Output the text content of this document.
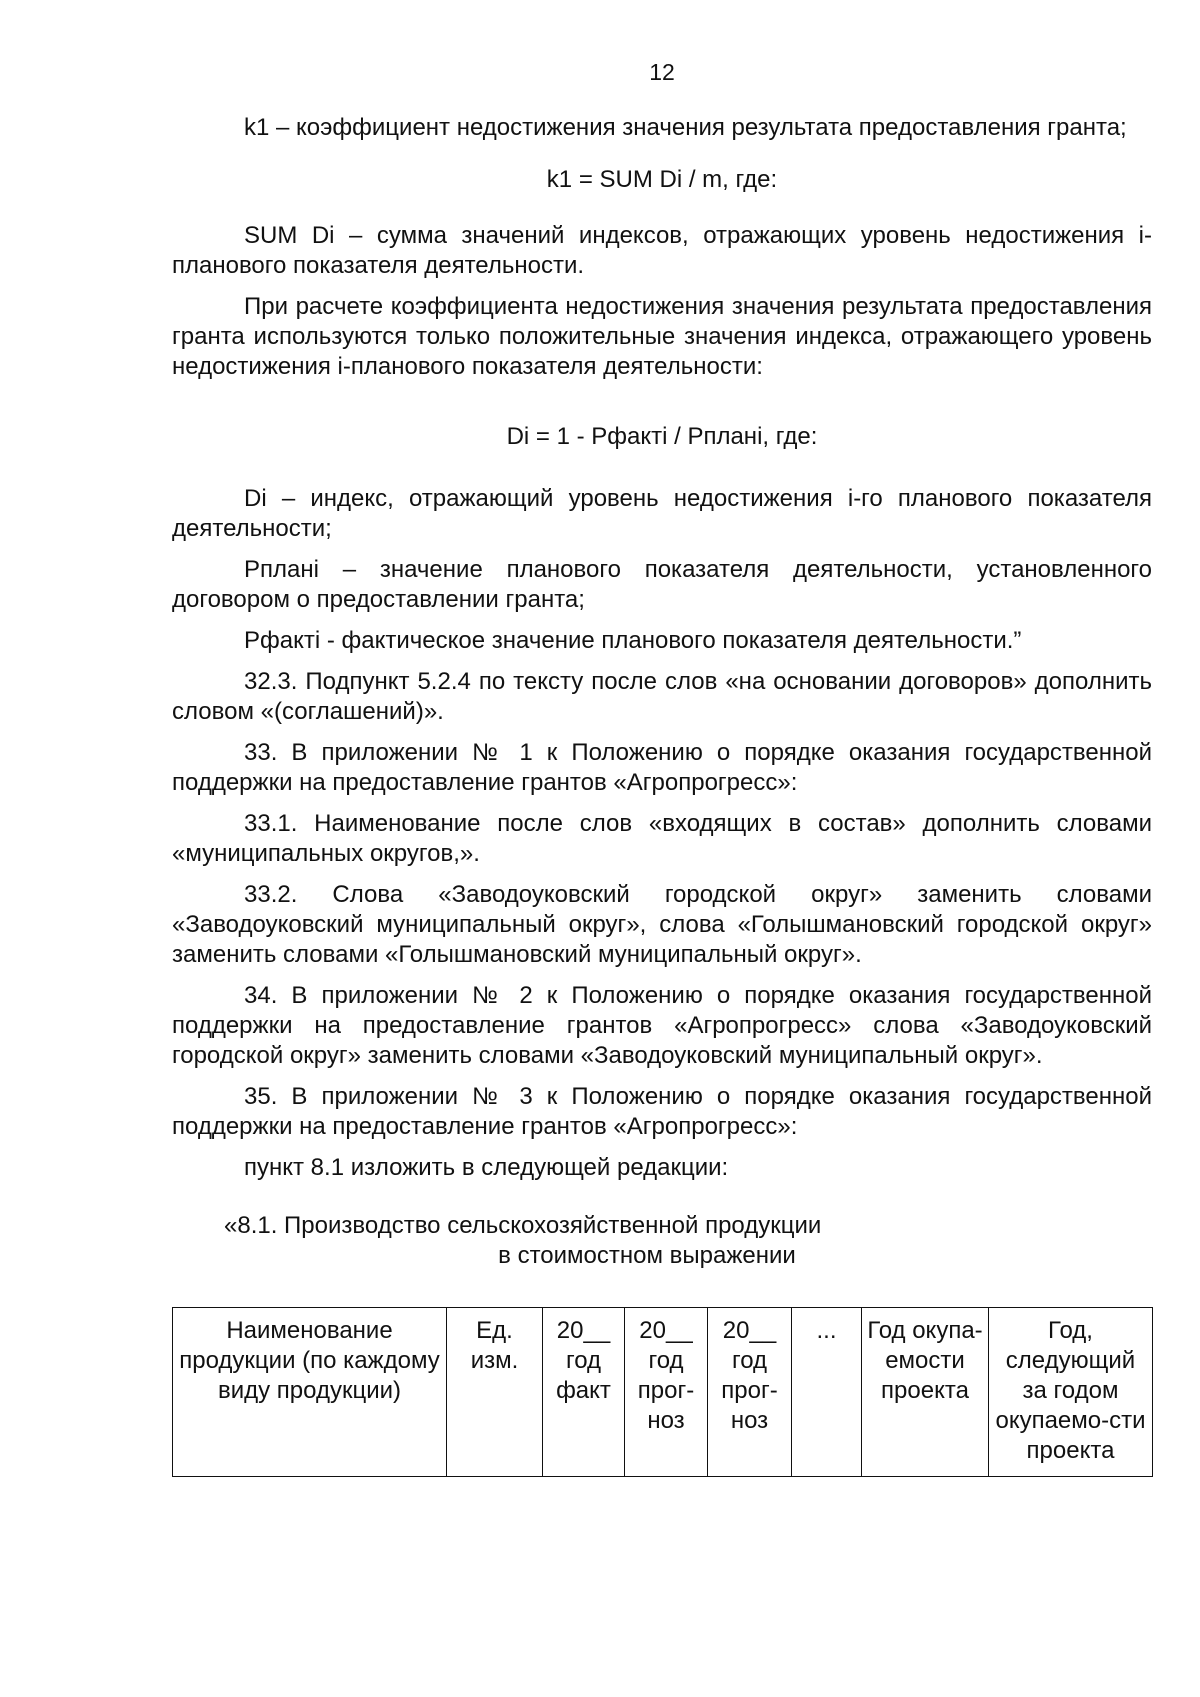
12

k1 – коэффициент недостижения значения результата предоставления гранта;

k1 = SUM Di / m, где:

SUM Di – сумма значений индексов, отражающих уровень недостижения i-планового показателя деятельности.

При расчете коэффициента недостижения значения результата предоставления гранта используются только положительные значения индекса, отражающего уровень недостижения i-планового показателя деятельности:

Di = 1 - Рфактi / Рпланi, где:

Di – индекс, отражающий уровень недостижения i-го планового показателя деятельности;

Рпланi – значение планового показателя деятельности, установленного договором о предоставлении гранта;

Рфактi - фактическое значение планового показателя деятельности.”

32.3. Подпункт 5.2.4 по тексту после слов «на основании договоров» дополнить словом «(соглашений)».

33. В приложении № 1 к Положению о порядке оказания государственной поддержки на предоставление грантов «Агропрогресс»:

33.1. Наименование после слов «входящих в состав» дополнить словами «муниципальных округов,».

33.2. Слова «Заводоуковский городской округ» заменить словами «Заводоуковский муниципальный округ», слова «Голышмановский городской округ» заменить словами «Голышмановский муниципальный округ».

34. В приложении № 2 к Положению о порядке оказания государственной поддержки на предоставление грантов «Агропрогресс» слова «Заводоуковский городской округ» заменить словами «Заводоуковский муниципальный округ».

35. В приложении № 3 к Положению о порядке оказания государственной поддержки на предоставление грантов «Агропрогресс»:

пункт 8.1 изложить в следующей редакции:

«8.1. Производство сельскохозяйственной продукции
в стоимостном выражении
Наименование продукции (по каждому виду продукции)	Ед. изм.	20__ год факт	20__ год прог-ноз	20__ год прог-ноз	...	Год окупа-емости проекта	Год, следующий за годом окупаемо-сти проекта
